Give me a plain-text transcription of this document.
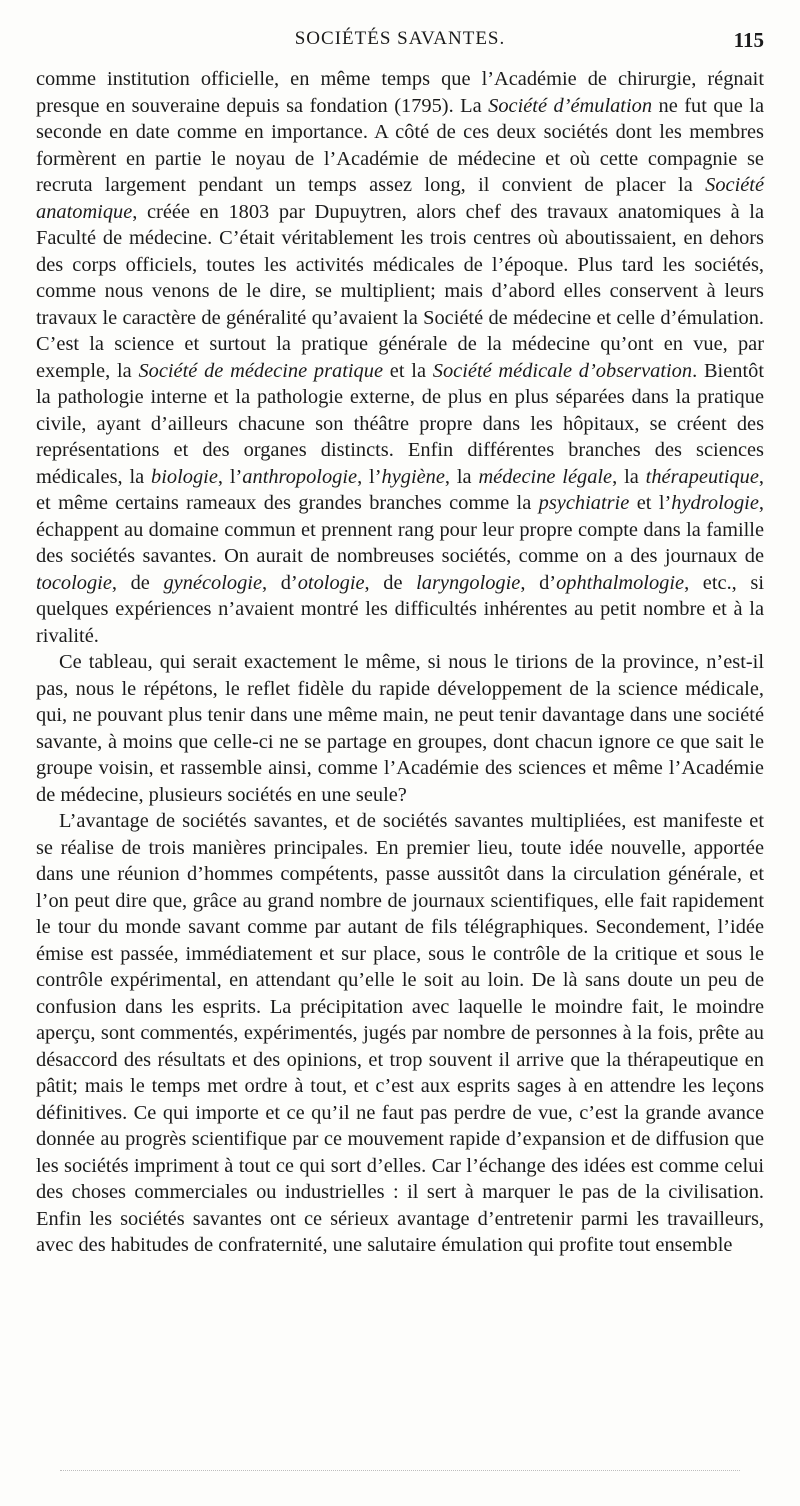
SOCIÉTÉS SAVANTES.	115

comme institution officielle, en même temps que l’Académie de chirurgie, régnait presque en souveraine depuis sa fondation (1795). La Société d’émulation ne fut que la seconde en date comme en importance. A côté de ces deux sociétés dont les membres formèrent en partie le noyau de l’Académie de médecine et où cette compagnie se recruta largement pendant un temps assez long, il convient de placer la Société anatomique, créée en 1803 par Dupuytren, alors chef des travaux anatomiques à la Faculté de médecine. C’était véritablement les trois centres où aboutissaient, en dehors des corps officiels, toutes les activités médicales de l’époque. Plus tard les sociétés, comme nous venons de le dire, se multiplient; mais d’abord elles conservent à leurs travaux le caractère de généralité qu’avaient la Société de médecine et celle d’émulation. C’est la science et surtout la pratique générale de la médecine qu’ont en vue, par exemple, la Société de médecine pratique et la Société médicale d’observation. Bientôt la pathologie interne et la pathologie externe, de plus en plus séparées dans la pratique civile, ayant d’ailleurs chacune son théâtre propre dans les hôpitaux, se créent des représentations et des organes distincts. Enfin différentes branches des sciences médicales, la biologie, l’anthropologie, l’hygiène, la médecine légale, la thérapeutique, et même certains rameaux des grandes branches comme la psychiatrie et l’hydrologie, échappent au domaine commun et prennent rang pour leur propre compte dans la famille des sociétés savantes. On aurait de nombreuses sociétés, comme on a des journaux de tocologie, de gynécologie, d’otologie, de laryngologie, d’ophthalmologie, etc., si quelques expériences n’avaient montré les difficultés inhérentes au petit nombre et à la rivalité.

Ce tableau, qui serait exactement le même, si nous le tirions de la province, n’est-il pas, nous le répétons, le reflet fidèle du rapide développement de la science médicale, qui, ne pouvant plus tenir dans une même main, ne peut tenir davantage dans une société savante, à moins que celle-ci ne se partage en groupes, dont chacun ignore ce que sait le groupe voisin, et rassemble ainsi, comme l’Académie des sciences et même l’Académie de médecine, plusieurs sociétés en une seule?

L’avantage de sociétés savantes, et de sociétés savantes multipliées, est manifeste et se réalise de trois manières principales. En premier lieu, toute idée nouvelle, apportée dans une réunion d’hommes compétents, passe aussitôt dans la circulation générale, et l’on peut dire que, grâce au grand nombre de journaux scientifiques, elle fait rapidement le tour du monde savant comme par autant de fils télégraphiques. Secondement, l’idée émise est passée, immédiatement et sur place, sous le contrôle de la critique et sous le contrôle expérimental, en attendant qu’elle le soit au loin. De là sans doute un peu de confusion dans les esprits. La précipitation avec laquelle le moindre fait, le moindre aperçu, sont commentés, expérimentés, jugés par nombre de personnes à la fois, prête au désaccord des résultats et des opinions, et trop souvent il arrive que la thérapeutique en pâtit; mais le temps met ordre à tout, et c’est aux esprits sages à en attendre les leçons définitives. Ce qui importe et ce qu’il ne faut pas perdre de vue, c’est la grande avance donnée au progrès scientifique par ce mouvement rapide d’expansion et de diffusion que les sociétés impriment à tout ce qui sort d’elles. Car l’échange des idées est comme celui des choses commerciales ou industrielles : il sert à marquer le pas de la civilisation. Enfin les sociétés savantes ont ce sérieux avantage d’entretenir parmi les travailleurs, avec des habitudes de confraternité, une salutaire émulation qui profite tout ensemble
